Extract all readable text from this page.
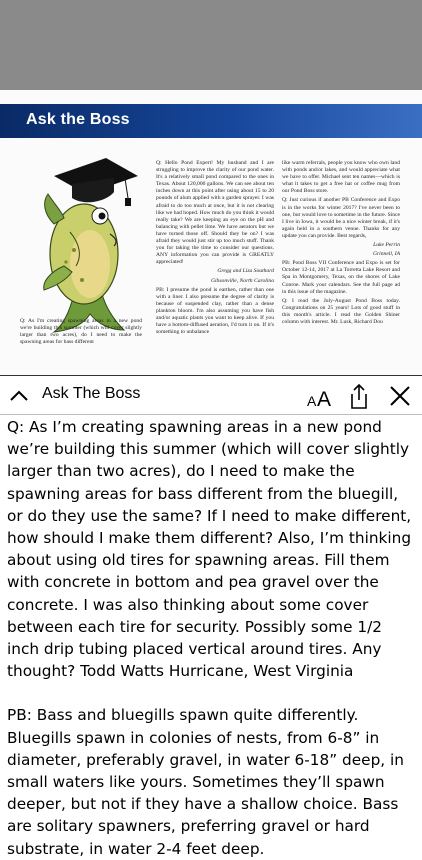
Ask the Boss

Q: As I'm creating spawning areas in a new pond we're building this summer (which will cover slightly larger than two acres), do I need to make the spawning areas for bass different

Q: Hello Pond Expert! My husband and I are struggling to improve the clarity of our pond water. It's a relatively small pond compared to the ones in Texas. About 120,000 gallons. We can see about ten inches down at this point after using about 15 to 20 pounds of alum applied with a garden sprayer. I was afraid to do too much at once, but it is not clearing like we had hoped. How much do you think it would really take? We are keeping an eye on the pH and balancing with pellet lime. We have aerators but we have turned those off. Should they be on? I was afraid they would just stir up too much stuff. Thank you for taking the time to consider our questions. ANY information you can provide is GREATLY appreciated!

Gregg and Liza Southard

Gibsonville, North Carolina

PB: I presume the pond is earthen, rather than one with a liner. I also presume the degree of clarity is because of suspended clay, rather than a dense plankton bloom. I'm also assuming you have fish and/or aquatic plants you want to keep alive. If you have a bottom-diffused aeration, I'd turn it on. If it's something to unbalance

like warm referrals, people you know who own land with ponds and/or lakes, and would appreciate what we have to offer. Michael sent ten names—which is what it takes to get a free hat or coffee mug from our Pond Boss store.

Q: Just curious if another PB Conference and Expo is in the works for winter 2017? I've never been to one, but would love to sometime in the future. Since I live in Iowa, it would be a nice winter break, if it's again held in a southern venue. Thanks for any update you can provide. Best regards,

Luke Perrin

Grinnell, IA

PB: Pond Boss VII Conference and Expo is set for October 12-14, 2017 at La Torretta Lake Resort and Spa in Montgomery, Texas, on the shores of Lake Conroe. Mark your calendars. See the full page ad in this issue of the magazine.

Q: I read the July-August Pond Boss today. Congratulations on 25 years! Lots of good stuff in this month's article. I read the Golden Shiner column with interest. Mr. Lusk, Richard Dou

Ask The Boss	A A

Q: As I’m creating spawning areas in a new pond we’re building this summer (which will cover slightly larger than two acres), do I need to make the spawning areas for bass different from the bluegill, or do they use the same? If I need to make different, how should I make them different? Also, I’m thinking about using old tires for spawning areas. Fill them with concrete in bottom and pea gravel over the concrete. I was also thinking about some cover between each tire for security. Possibly some 1/2 inch drip tubing placed vertical around tires. Any thought? Todd Watts Hurricane, West Virginia

PB: Bass and bluegills spawn quite differently. Bluegills spawn in colonies of nests, from 6-8” in diameter, preferably gravel, in water 6-18” deep, in small waters like yours. Sometimes they’ll spawn deeper, but not if they have a shallow choice. Bass are solitary spawners, preferring gravel or hard substrate, in water 2-4 feet deep.
